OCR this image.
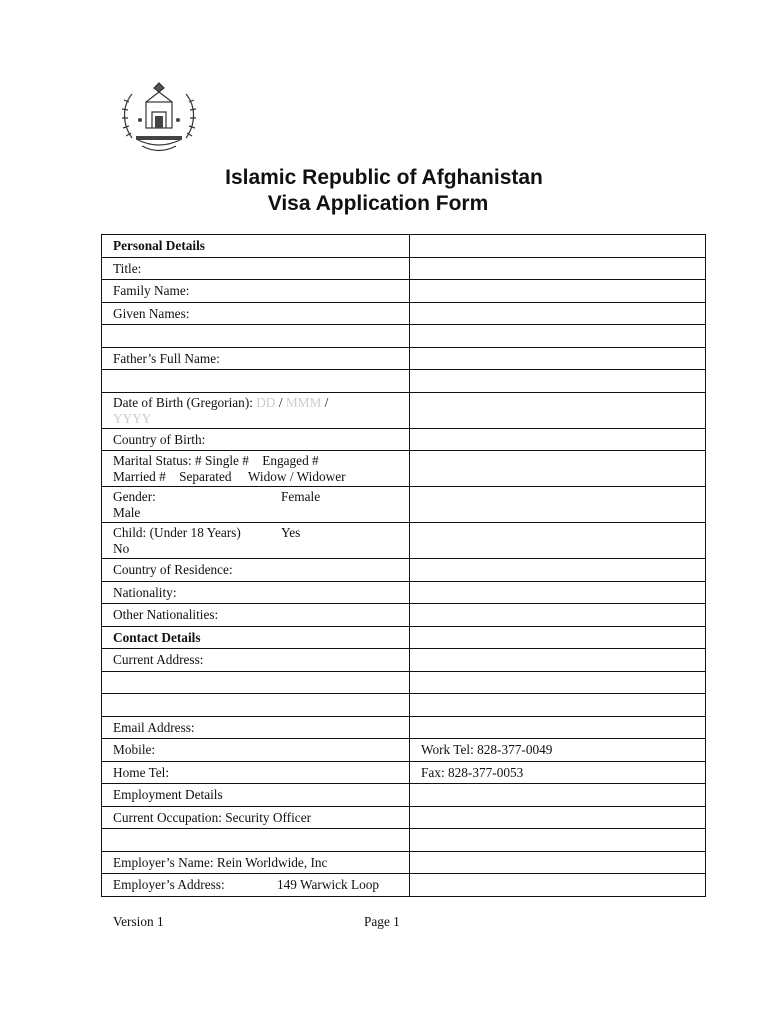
Islamic Republic of Afghanistan
Visa Application Form
Personal Details	
Title:	
Family Name:	
Given Names:	

Father’s Full Name:	

Date of Birth (Gregorian): DD / MMM /
YYYY	
Country of Birth:	
Marital Status: # Single #    Engaged #
Married #    Separated     Widow / Widower	
Gender: Female
Male	
Child: (Under 18 Years) Yes
No	
Country of Residence:	
Nationality:	
Other Nationalities:	
Contact Details	
Current Address:	

Email Address:	
Mobile:	Work Tel: 828-377-0049
Home Tel:	Fax: 828-377-0053
Employment Details	
Current Occupation: Security Officer	

Employer’s Name: Rein Worldwide, Inc	
Employer’s Address: 149 Warwick Loop	
Version 1	Page 1
